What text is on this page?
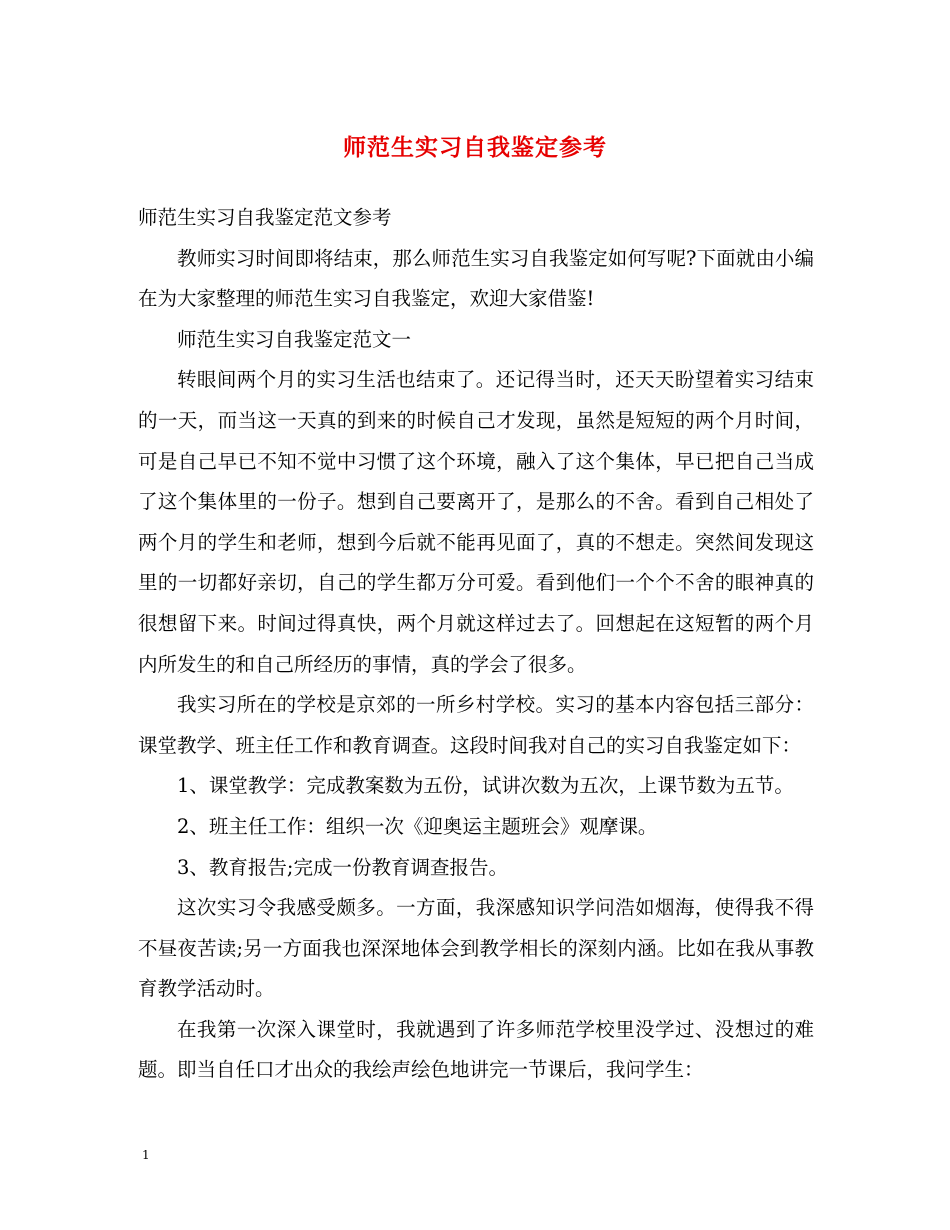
师范生实习自我鉴定参考

师范生实习自我鉴定范文参考

教师实习时间即将结束，那么师范生实习自我鉴定如何写呢?下面就由小编在为大家整理的师范生实习自我鉴定，欢迎大家借鉴!

师范生实习自我鉴定范文一

转眼间两个月的实习生活也结束了。还记得当时，还天天盼望着实习结束的一天，而当这一天真的到来的时候自己才发现，虽然是短短的两个月时间，可是自己早已不知不觉中习惯了这个环境，融入了这个集体，早已把自己当成了这个集体里的一份子。想到自己要离开了，是那么的不舍。看到自己相处了两个月的学生和老师，想到今后就不能再见面了，真的不想走。突然间发现这里的一切都好亲切，自己的学生都万分可爱。看到他们一个个不舍的眼神真的很想留下来。时间过得真快，两个月就这样过去了。回想起在这短暂的两个月内所发生的和自己所经历的事情，真的学会了很多。

我实习所在的学校是京郊的一所乡村学校。实习的基本内容包括三部分：课堂教学、班主任工作和教育调查。这段时间我对自己的实习自我鉴定如下：

1、课堂教学：完成教案数为五份，试讲次数为五次，上课节数为五节。

2、班主任工作：组织一次《迎奥运主题班会》观摩课。

3、教育报告;完成一份教育调查报告。

这次实习令我感受颇多。一方面，我深感知识学问浩如烟海，使得我不得不昼夜苦读;另一方面我也深深地体会到教学相长的深刻内涵。比如在我从事教育教学活动时。

在我第一次深入课堂时，我就遇到了许多师范学校里没学过、没想过的难题。即当自任口才出众的我绘声绘色地讲完一节课后，我问学生：

1
